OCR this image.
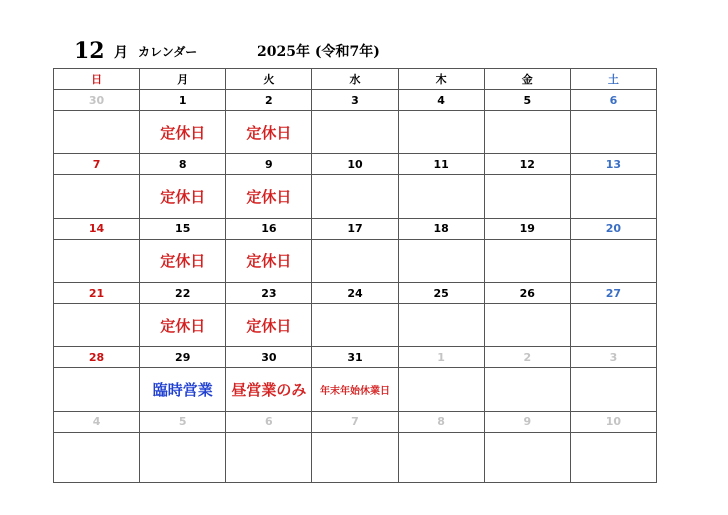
12 月 カレンダー	2025年 (令和7年)
日	月	火	水	木	金	土
30	1	2	3	4	5	6
	定休日	定休日				
7	8	9	10	11	12	13
	定休日	定休日				
14	15	16	17	18	19	20
	定休日	定休日				
21	22	23	24	25	26	27
	定休日	定休日				
28	29	30	31	1	2	3
	臨時営業	昼営業のみ	年末年始休業日			
4	5	6	7	8	9	10
